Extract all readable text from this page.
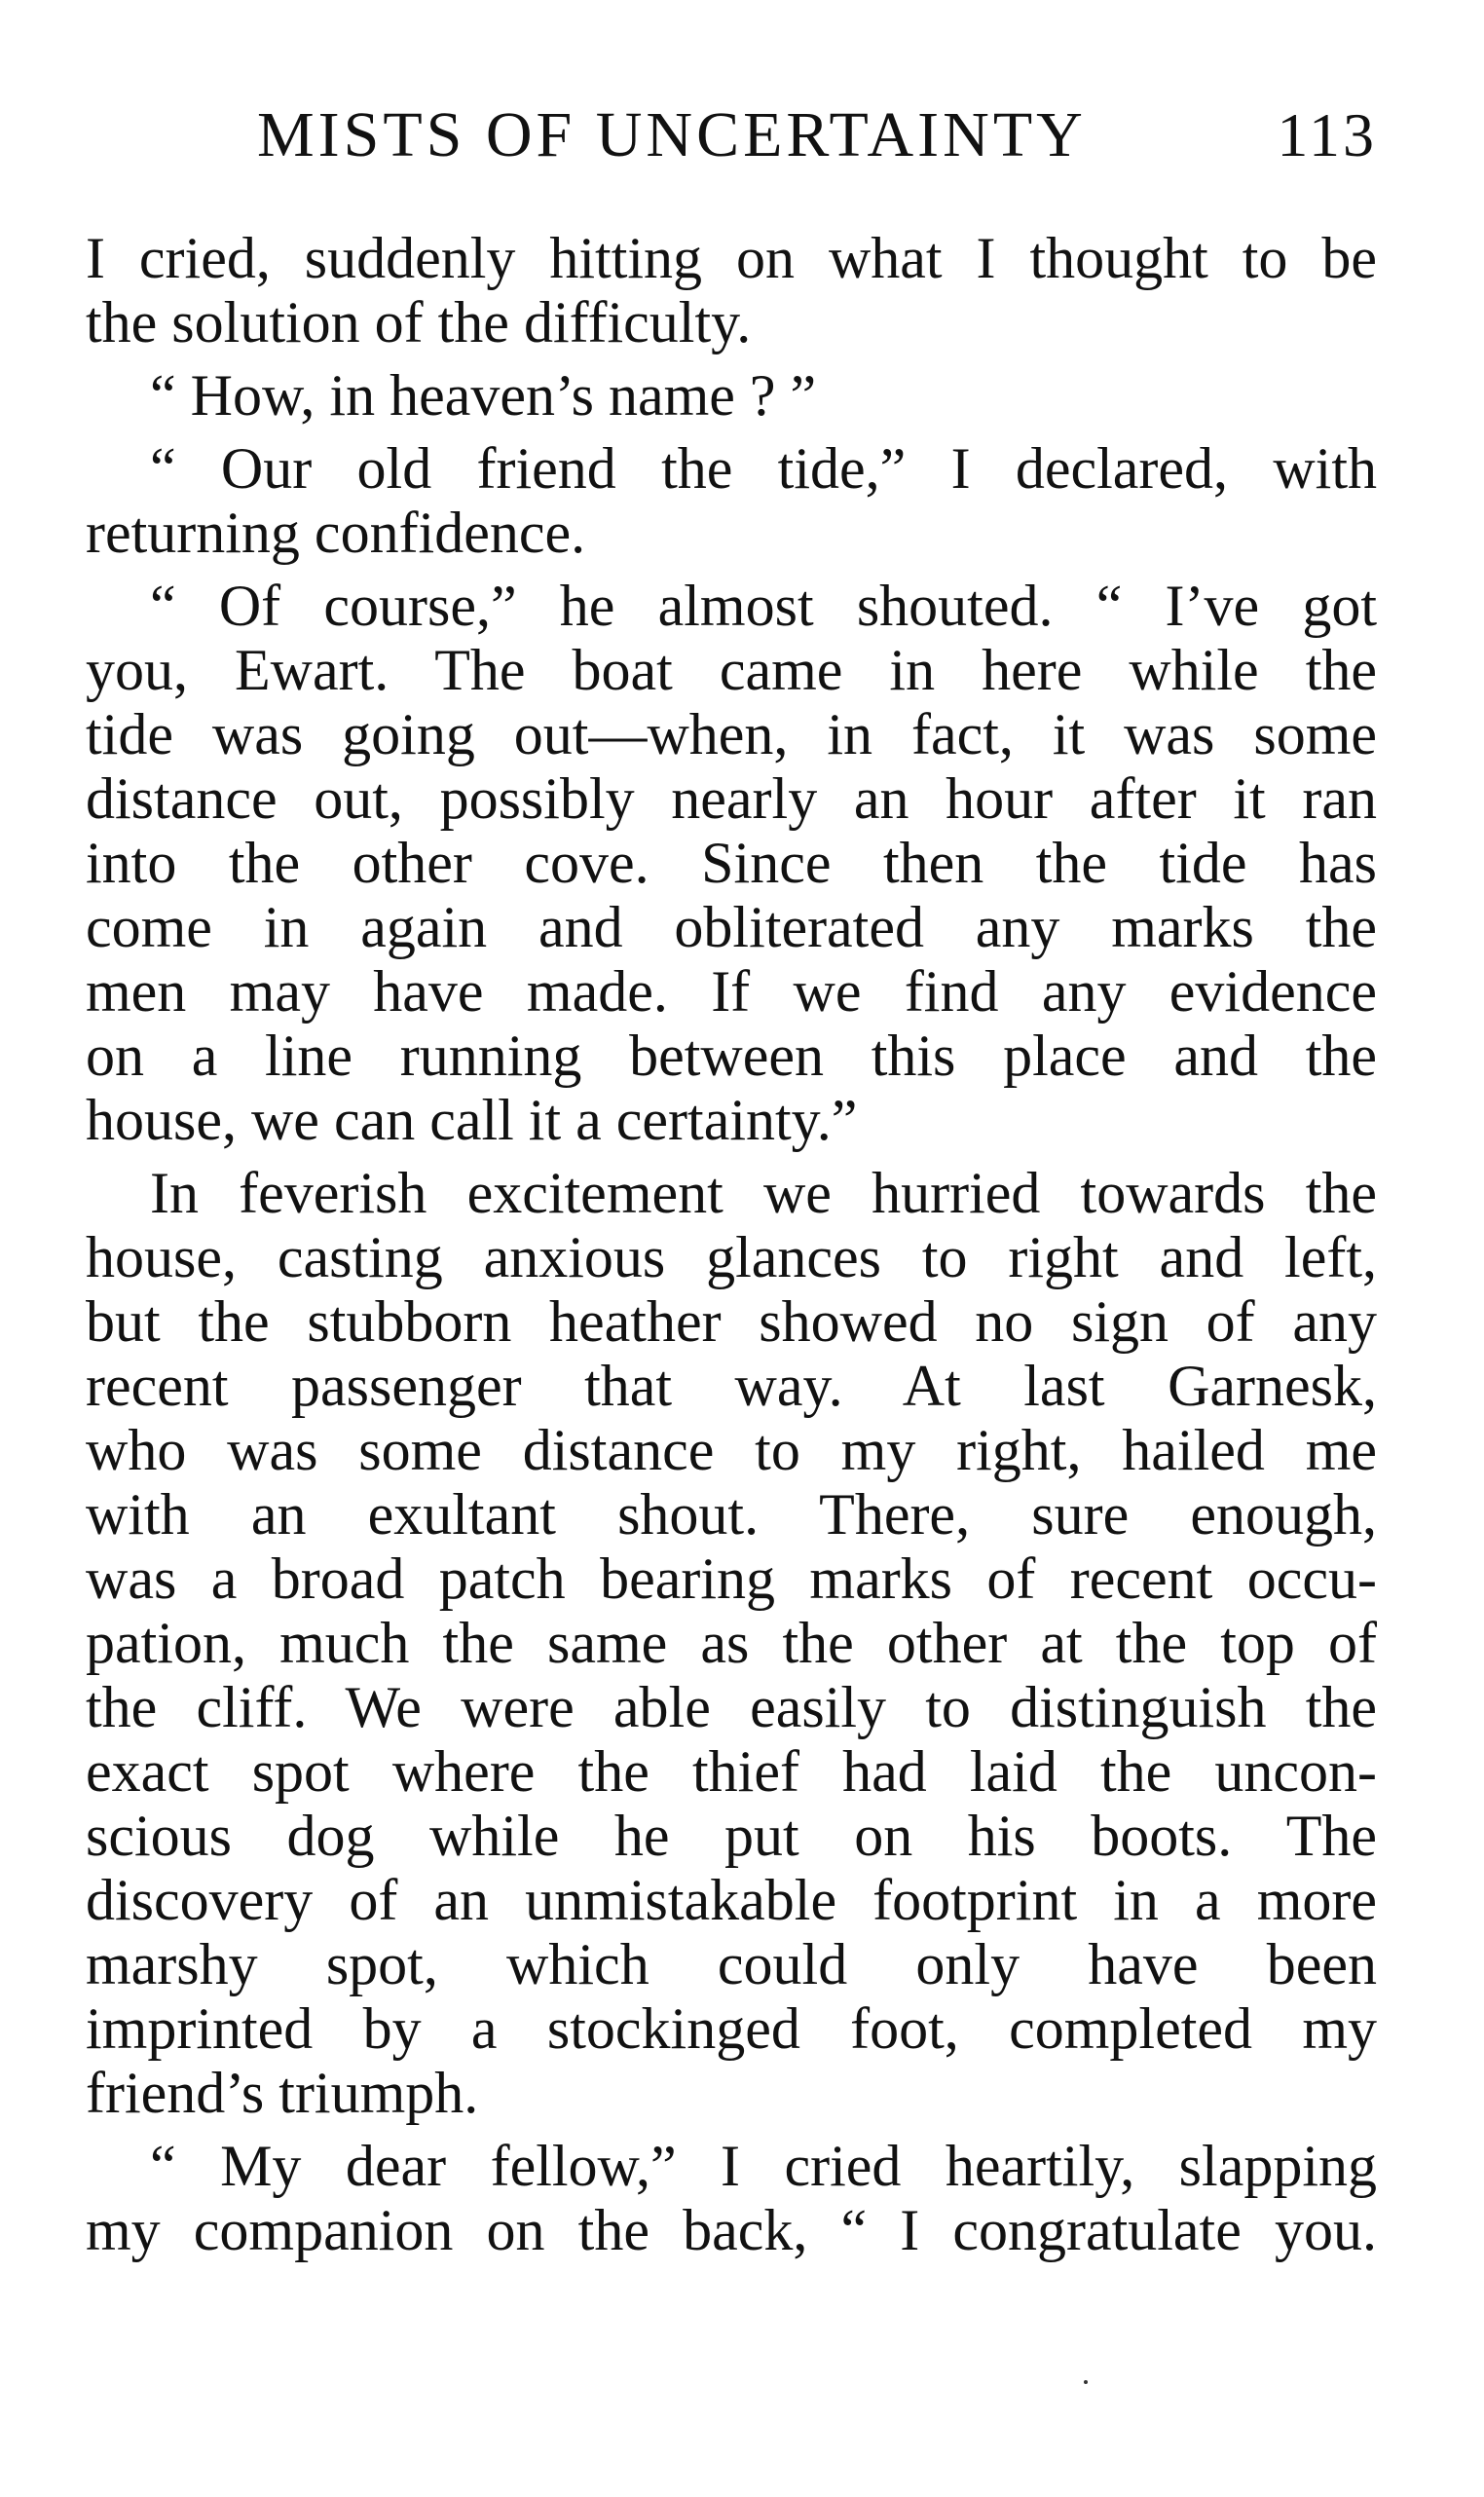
MISTS OF UNCERTAINTY	113
I cried, suddenly hitting on what I thought to be
the solution of the difficulty.
“ How, in heaven’s name ? ”
“ Our old friend the tide,” I declared, with
returning confidence.
“ Of course,” he almost shouted. “ I’ve got
you, Ewart. The boat came in here while the
tide was going out—when, in fact, it was some
distance out, possibly nearly an hour after it ran
into the other cove. Since then the tide has
come in again and obliterated any marks the
men may have made. If we find any evidence
on a line running between this place and the
house, we can call it a certainty.”
In feverish excitement we hurried towards the
house, casting anxious glances to right and left,
but the stubborn heather showed no sign of any
recent passenger that way. At last Garnesk,
who was some distance to my right, hailed me
with an exultant shout. There, sure enough,
was a broad patch bearing marks of recent occu-
pation, much the same as the other at the top of
the cliff. We were able easily to distinguish the
exact spot where the thief had laid the uncon-
scious dog while he put on his boots. The
discovery of an unmistakable footprint in a more
marshy spot, which could only have been
imprinted by a stockinged foot, completed my
friend’s triumph.
“ My dear fellow,” I cried heartily, slapping
my companion on the back, “ I congratulate you.
